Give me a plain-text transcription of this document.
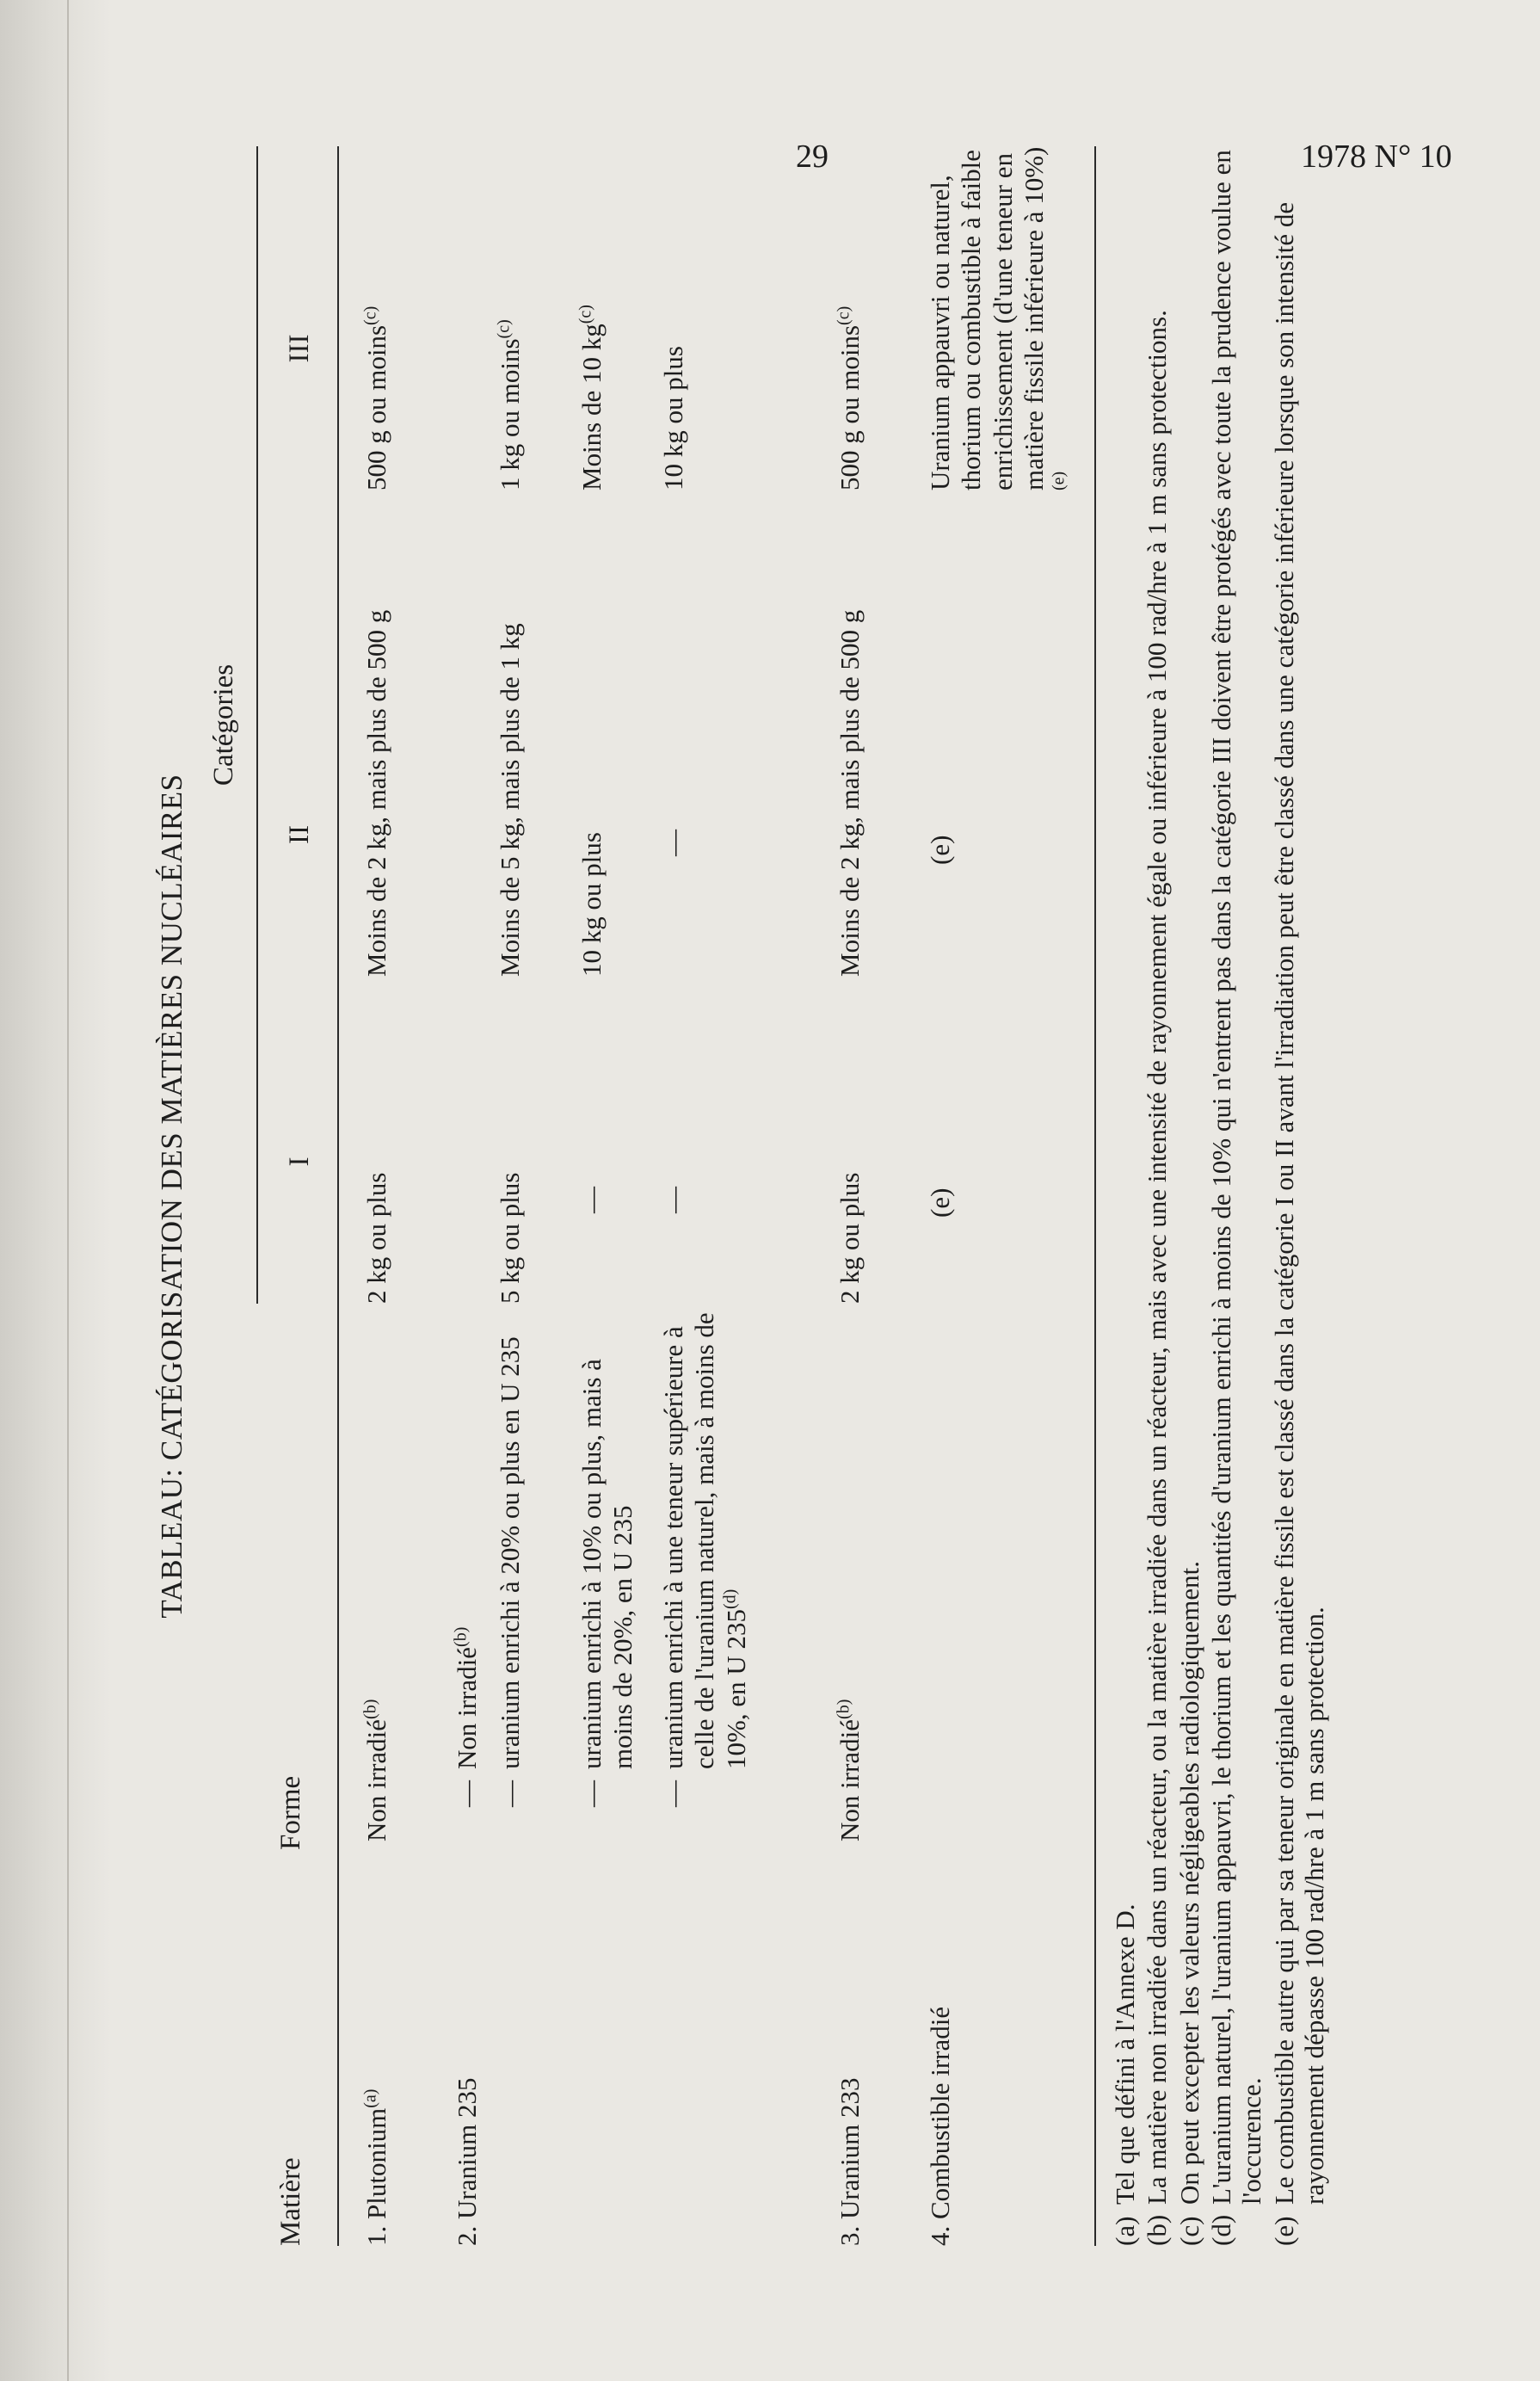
29	1978 N° 10
TABLEAU: CATÉGORISATION DES MATIÈRES NUCLÉAIRES
Catégories
Matière
Forme
I
II
III
1. Plutonium$^{(a)}$
Non irradié$^{(b)}$
2 kg ou plus
Moins de 2 kg, mais plus de 500 g
500 g ou moins$^{(c)}$
2. Uranium 235
—
Non irradié$^{(b)}$
—
uranium enrichi à 20% ou plus en U 235
5 kg ou plus
Moins de 5 kg, mais plus de 1 kg
1 kg ou moins$^{(c)}$
—
uranium enrichi à 10% ou plus, mais à moins de 20%, en U 235
—
10 kg ou plus
Moins de 10 $kg^{(c)}$
—
uranium enrichi à une teneur supérieure à celle de l'uranium naturel, mais à moins de 10%, en U 235$^{(d)}$
—
—
10 kg ou plus
3. Uranium 233
Non irradié$^{(b)}$
2 kg ou plus
Moins de 2 kg, mais plus de 500 g
500 g ou moins$^{(c)}$
4. Combustible irradié
(e)
(e)
Uranium appauvri ou naturel, thorium ou combustible à faible enrichissement (d'une teneur en matière fissile inférieure à 10%)$^{(e)}$
(a)
Tel que défini à l'Annexe D.
(b)
La matière non irradiée dans un réacteur, ou la matière irradiée dans un réacteur, mais avec une intensité de rayonnement égale ou inférieure à 100 rad/hre à 1 m sans protections.
(c)
On peut excepter les valeurs négligeables radiologiquement.
(d)
L'uranium naturel, l'uranium appauvri, le thorium et les quantités d'uranium enrichi à moins de 10% qui n'entrent pas dans la catégorie III doivent être protégés avec toute la prudence voulue en l'occurence.
(e)
Le combustible autre qui par sa teneur originale en matière fissile est classé dans la catégorie I ou II avant l'irradiation peut être classé dans une catégorie inférieure lorsque son intensité de rayonnement dépasse 100 rad/hre à 1 m sans protection.
